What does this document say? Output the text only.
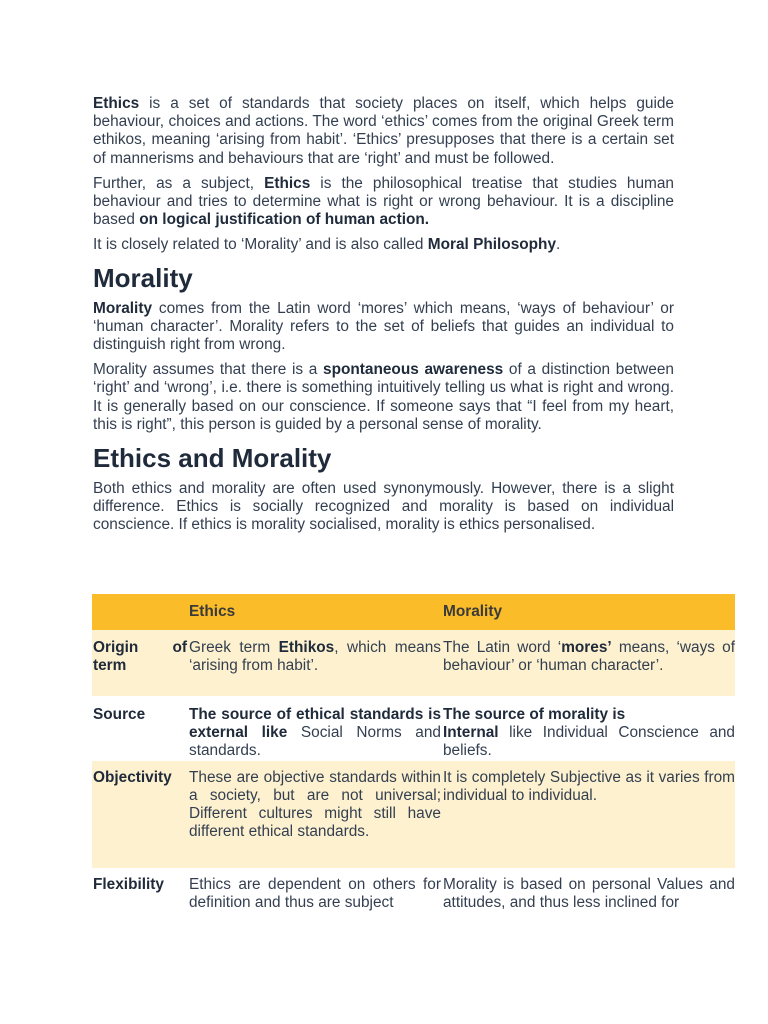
Ethics is a set of standards that society places on itself, which helps guide behaviour, choices and actions. The word ‘ethics’ comes from the original Greek term ethikos, meaning ‘arising from habit’. ‘Ethics’ presupposes that there is a certain set of mannerisms and behaviours that are ‘right’ and must be followed.

Further, as a subject, Ethics is the philosophical treatise that studies human behaviour and tries to determine what is right or wrong behaviour. It is a discipline based on logical justification of human action.

It is closely related to ‘Morality’ and is also called Moral Philosophy.

Morality

Morality comes from the Latin word ‘mores’ which means, ‘ways of behaviour’ or ‘human character’. Morality refers to the set of beliefs that guides an individual to distinguish right from wrong.

Morality assumes that there is a spontaneous awareness of a distinction between ‘right’ and ‘wrong’, i.e. there is something intuitively telling us what is right and wrong. It is generally based on our conscience. If someone says that “I feel from my heart, this is right”, this person is guided by a personal sense of morality.

Ethics and Morality

Both ethics and morality are often used synonymously. However, there is a slight difference. Ethics is socially recognized and morality is based on individual conscience. If ethics is morality socialised, morality is ethics personalised.

	Ethics	Morality

Origin of term	Greek term Ethikos, which means ‘arising from habit’.	The Latin word ‘mores’ means, ‘ways of behaviour’ or ‘human character’.

Source	The source of ethical standards is external like Social Norms and standards.	The source of morality is
Internal like Individual Conscience and beliefs.

Objectivity	These are objective standards within a society, but are not universal; Different cultures might still have different ethical standards.	It is completely Subjective as it varies from individual to individual.

Flexibility	Ethics are dependent on others for definition and thus are subject	Morality is based on personal Values and attitudes, and thus less inclined for
